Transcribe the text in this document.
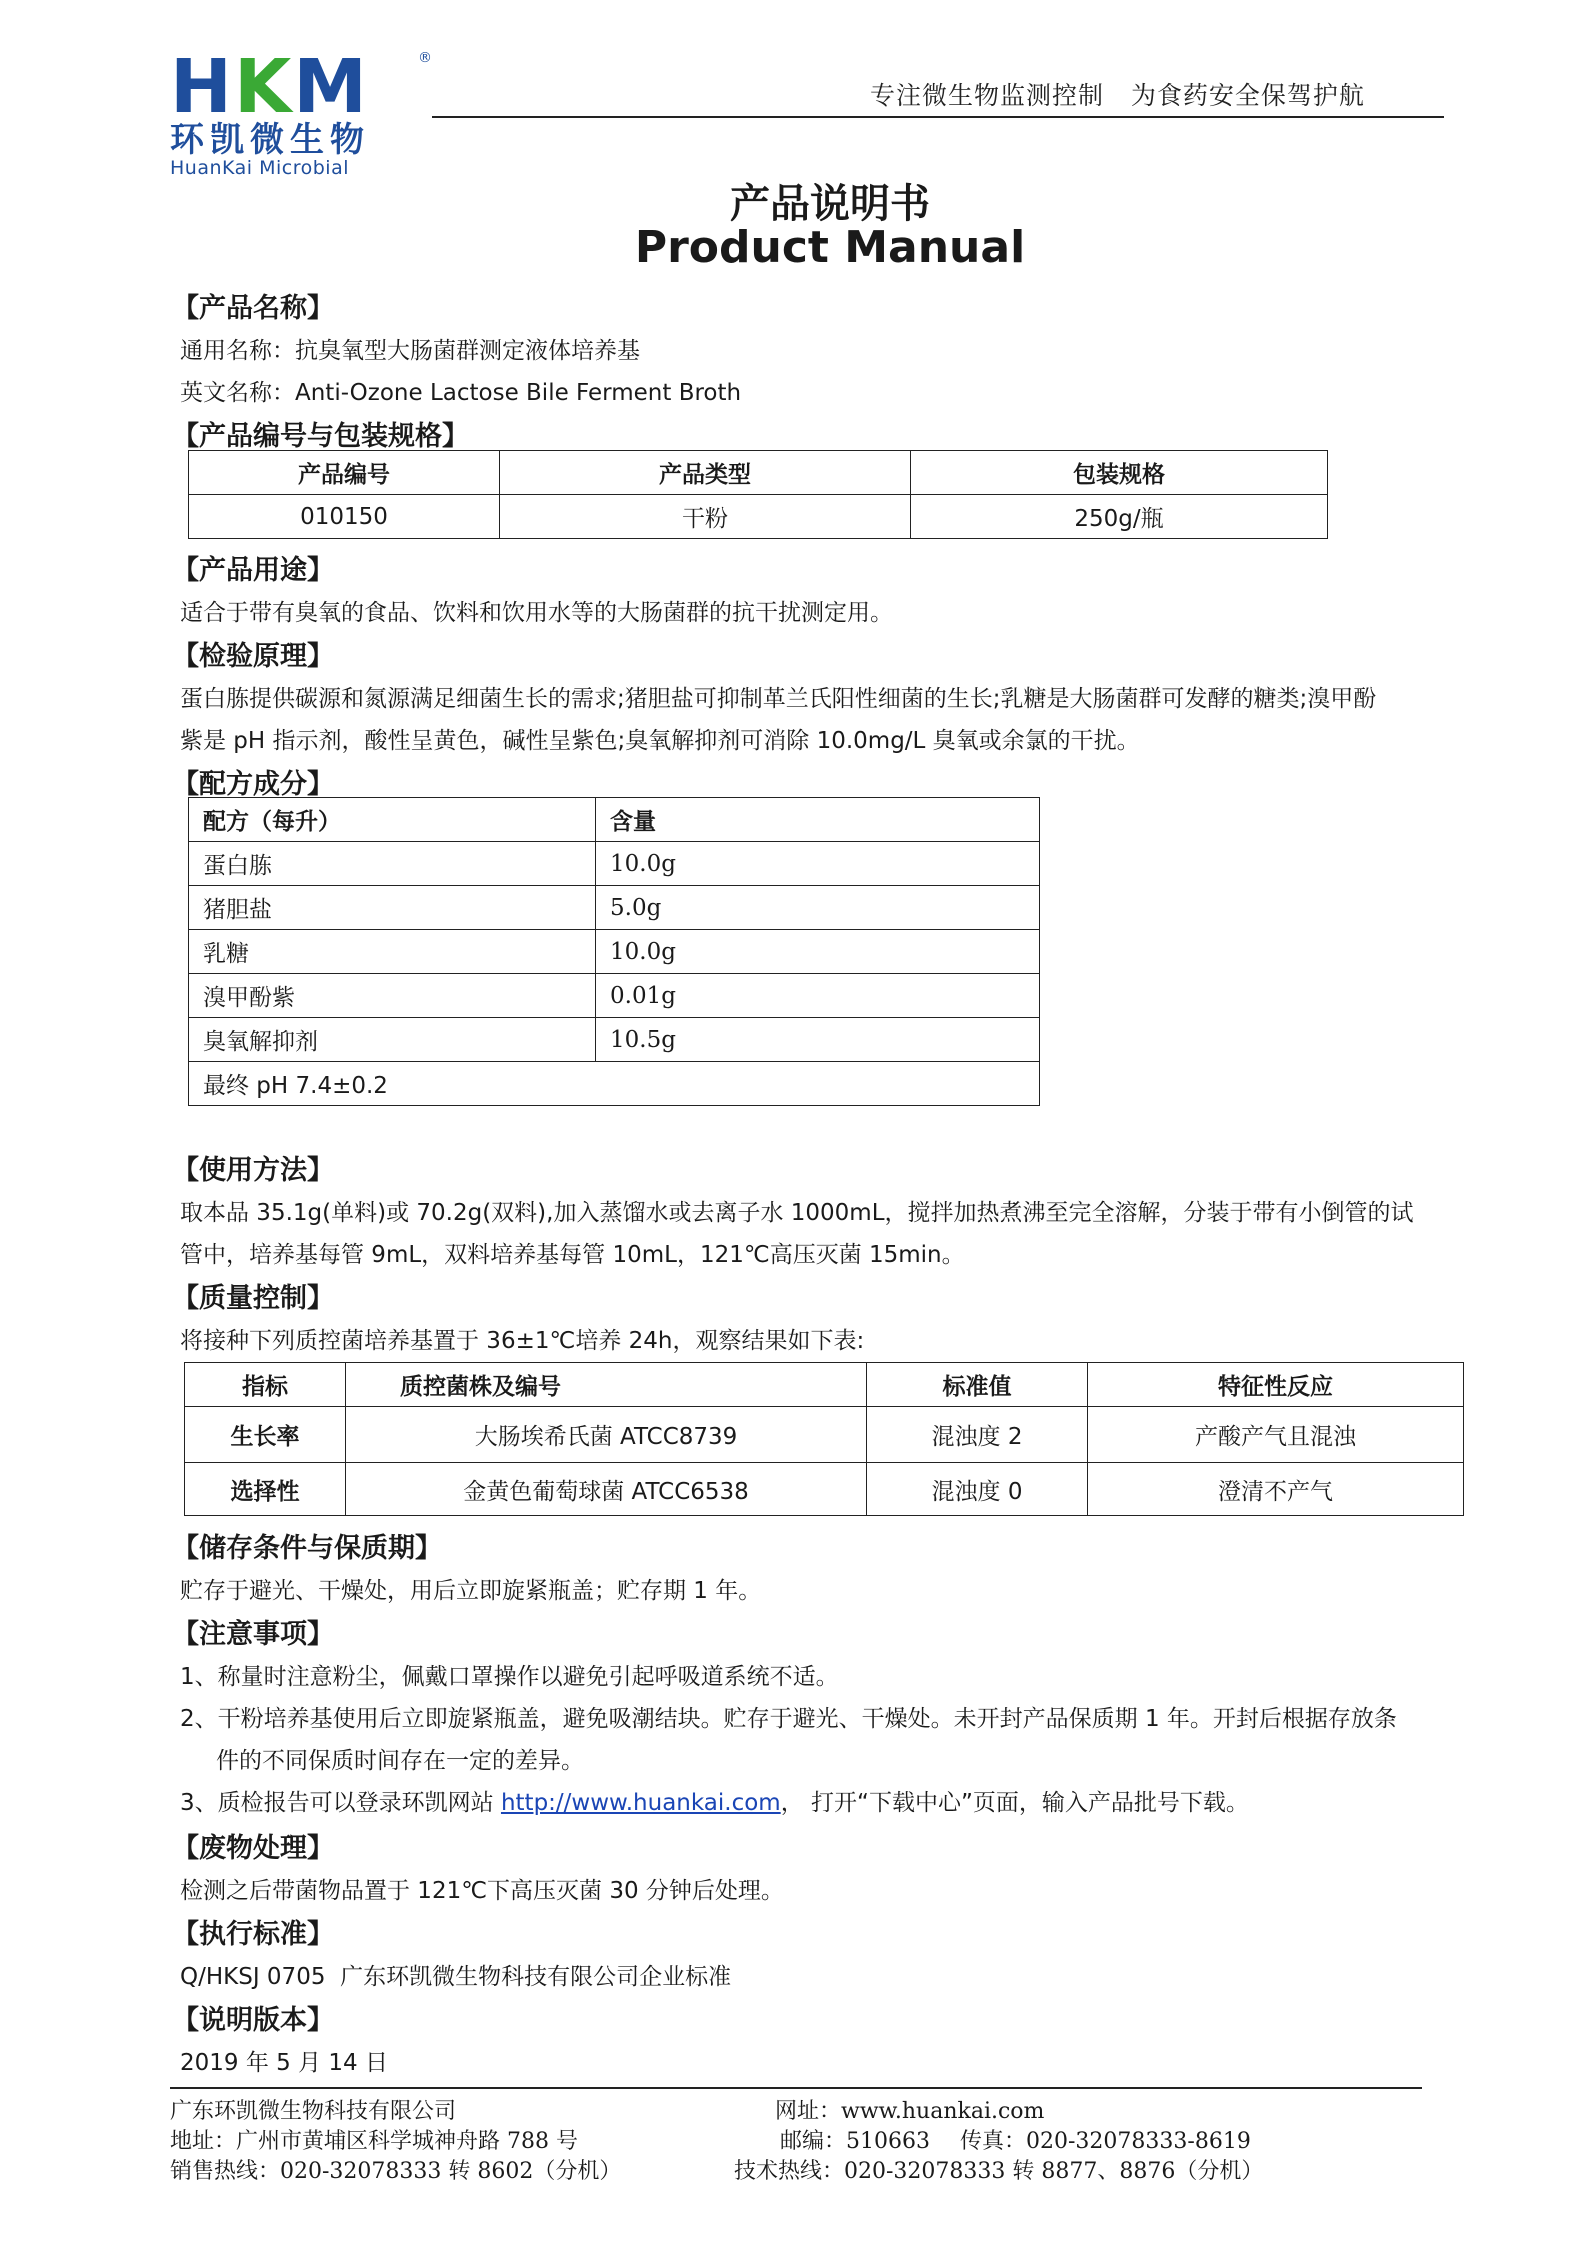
HKM	®
环凯微生物
HuanKai Microbial
专注微生物监测控制   为食药安全保驾护航
产品说明书
Product Manual
【产品名称】
通用名称：抗臭氧型大肠菌群测定液体培养基
英文名称：Anti-Ozone Lactose Bile Ferment Broth
【产品编号与包装规格】
产品编号	产品类型	包装规格
010150	干粉	250g/瓶
【产品用途】
适合于带有臭氧的食品、饮料和饮用水等的大肠菌群的抗干扰测定用。
【检验原理】
蛋白胨提供碳源和氮源满足细菌生长的需求;猪胆盐可抑制革兰氏阳性细菌的生长;乳糖是大肠菌群可发酵的糖类;溴甲酚
紫是 pH 指示剂，酸性呈黄色，碱性呈紫色;臭氧解抑剂可消除 10.0mg/L 臭氧或余氯的干扰。
【配方成分】
配方（每升）	含量
蛋白胨	10.0g
猪胆盐	5.0g
乳糖	10.0g
溴甲酚紫	0.01g
臭氧解抑剂	10.5g
最终 pH 7.4±0.2	
【使用方法】
取本品 35.1g(单料)或 70.2g(双料),加入蒸馏水或去离子水 1000mL，搅拌加热煮沸至完全溶解，分装于带有小倒管的试
管中，培养基每管 9mL，双料培养基每管 10mL，121℃高压灭菌 15min。
【质量控制】
将接种下列质控菌培养基置于 36±1℃培养 24h，观察结果如下表:
指标	质控菌株及编号	标准值	特征性反应
生长率	大肠埃希氏菌 ATCC8739	混浊度 2	产酸产气且混浊
选择性	金黄色葡萄球菌 ATCC6538	混浊度 0	澄清不产气
【储存条件与保质期】
贮存于避光、干燥处，用后立即旋紧瓶盖；贮存期 1 年。
【注意事项】
1、称量时注意粉尘，佩戴口罩操作以避免引起呼吸道系统不适。
2、干粉培养基使用后立即旋紧瓶盖，避免吸潮结块。贮存于避光、干燥处。未开封产品保质期 1 年。开封后根据存放条
件的不同保质时间存在一定的差异。
3、质检报告可以登录环凯网站 http://www.huankai.com， 打开“下载中心”页面，输入产品批号下载。
【废物处理】
检测之后带菌物品置于 121℃下高压灭菌 30 分钟后处理。
【执行标准】
Q/HKSJ 0705  广东环凯微生物科技有限公司企业标准
【说明版本】
2019 年 5 月 14 日
广东环凯微生物科技有限公司	网址：www.huankai.com
地址：广州市黄埔区科学城神舟路 788 号	邮编：510663 传真：020-32078333-8619
销售热线：020-32078333 转 8602（分机）	技术热线：020-32078333 转 8877、8876（分机）
